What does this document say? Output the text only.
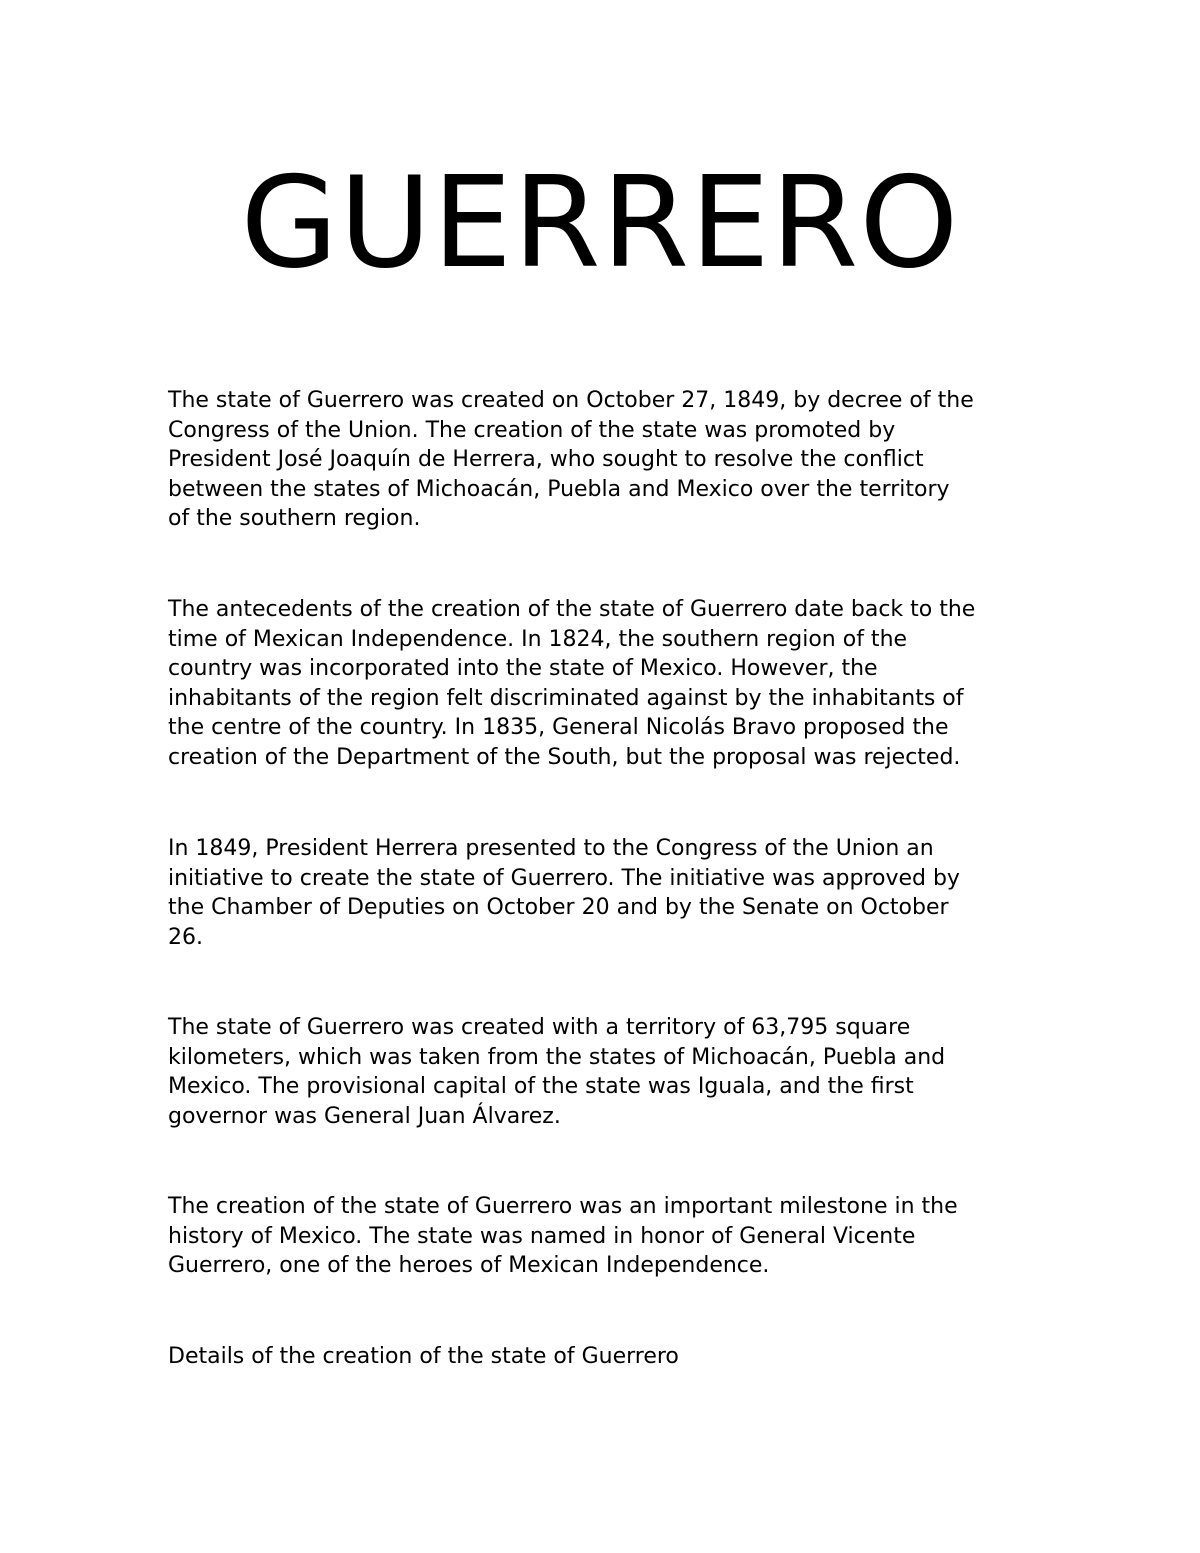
GUERRERO

The state of Guerrero was created on October 27, 1849, by decree of the
Congress of the Union. The creation of the state was promoted by
President José Joaquín de Herrera, who sought to resolve the conflict
between the states of Michoacán, Puebla and Mexico over the territory
of the southern region.

The antecedents of the creation of the state of Guerrero date back to the
time of Mexican Independence. In 1824, the southern region of the
country was incorporated into the state of Mexico. However, the
inhabitants of the region felt discriminated against by the inhabitants of
the centre of the country. In 1835, General Nicolás Bravo proposed the
creation of the Department of the South, but the proposal was rejected.

In 1849, President Herrera presented to the Congress of the Union an
initiative to create the state of Guerrero. The initiative was approved by
the Chamber of Deputies on October 20 and by the Senate on October
26.

The state of Guerrero was created with a territory of 63,795 square
kilometers, which was taken from the states of Michoacán, Puebla and
Mexico. The provisional capital of the state was Iguala, and the first
governor was General Juan Álvarez.

The creation of the state of Guerrero was an important milestone in the
history of Mexico. The state was named in honor of General Vicente
Guerrero, one of the heroes of Mexican Independence.

Details of the creation of the state of Guerrero
